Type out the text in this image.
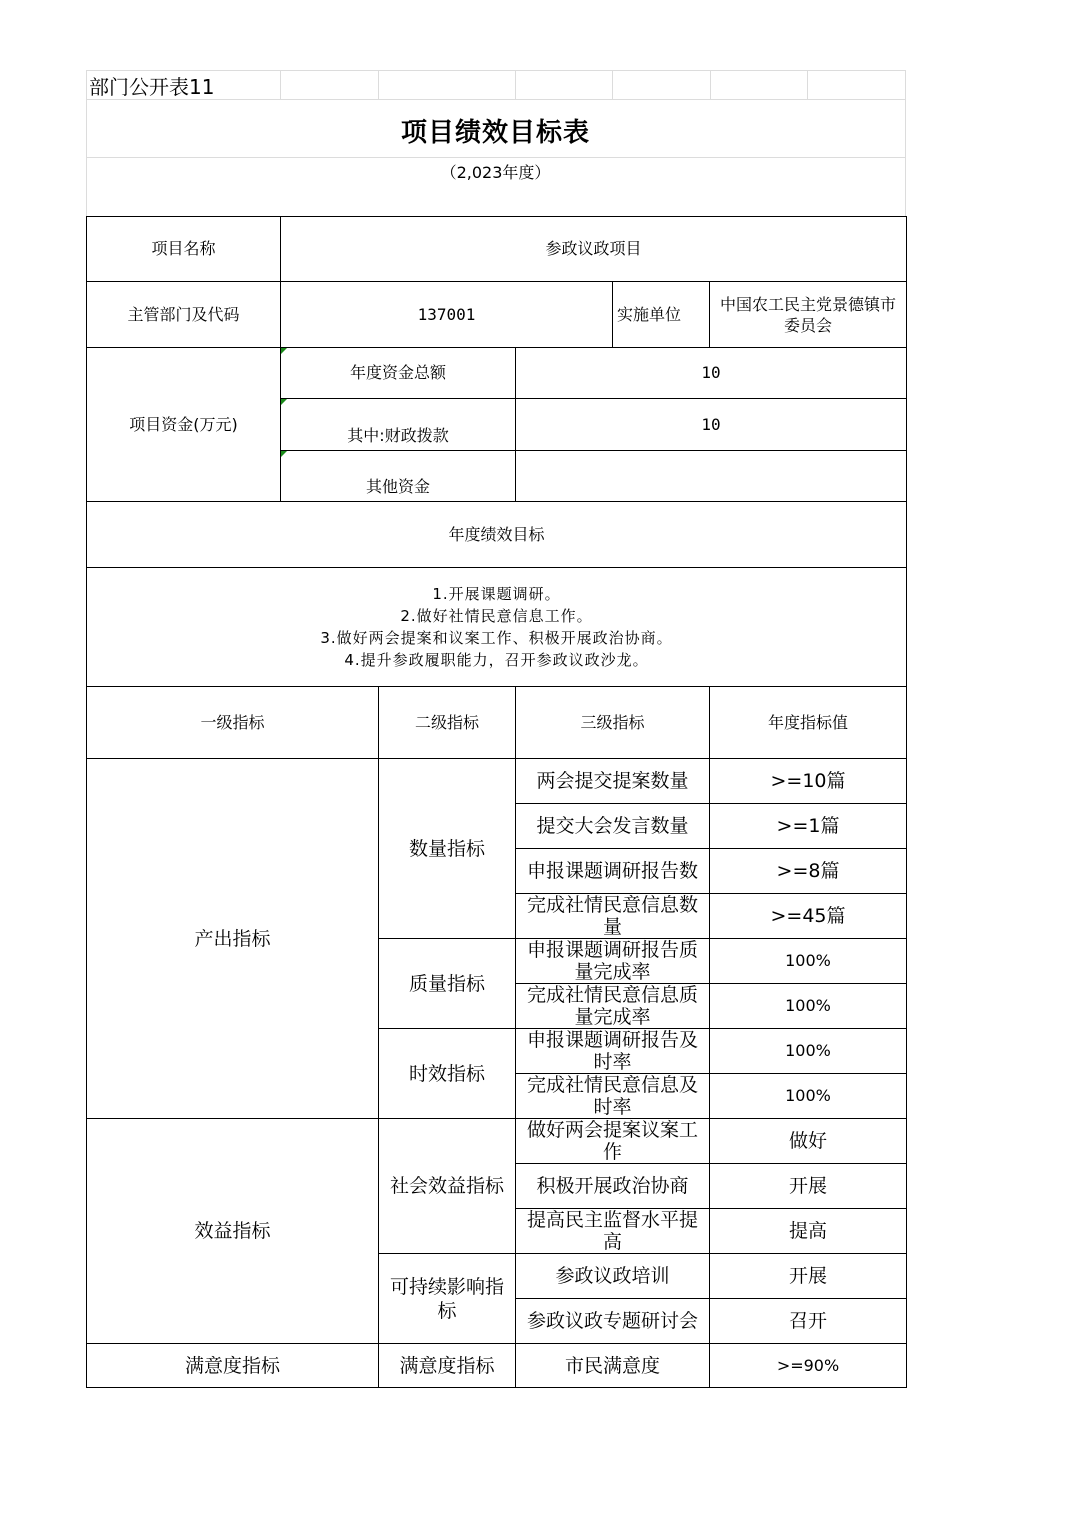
部门公开表11
项目绩效目标表
（2,023年度）
项目名称	参政议政项目				
主管部门及代码	137001			实施单位	中国农工民主党景德镇市委员会
项目资金(万元)	年度资金总额		10		
	其中:财政拨款		10		
	其他资金				
年度绩效目标					

1.开展课题调研。
2.做好社情民意信息工作。
3.做好两会提案和议案工作、积极开展政治协商。
4.提升参政履职能力，召开参政议政沙龙。					

一级指标		二级指标	三级指标		年度指标值
产出指标		数量指标	两会提交提案数量		>=10篇
			提交大会发言数量		>=1篇
			申报课题调研报告数		>=8篇
			完成社情民意信息数量		>=45篇
		质量指标	申报课题调研报告质量完成率		100%
			完成社情民意信息质量完成率		100%
		时效指标	申报课题调研报告及时率		100%
			完成社情民意信息及时率		100%
效益指标		社会效益指标	做好两会提案议案工作		做好
			积极开展政治协商		开展
			提高民主监督水平提高		提高
		可持续影响指标	参政议政培训		开展
			参政议政专题研讨会		召开
满意度指标		满意度指标	市民满意度		>=90%
